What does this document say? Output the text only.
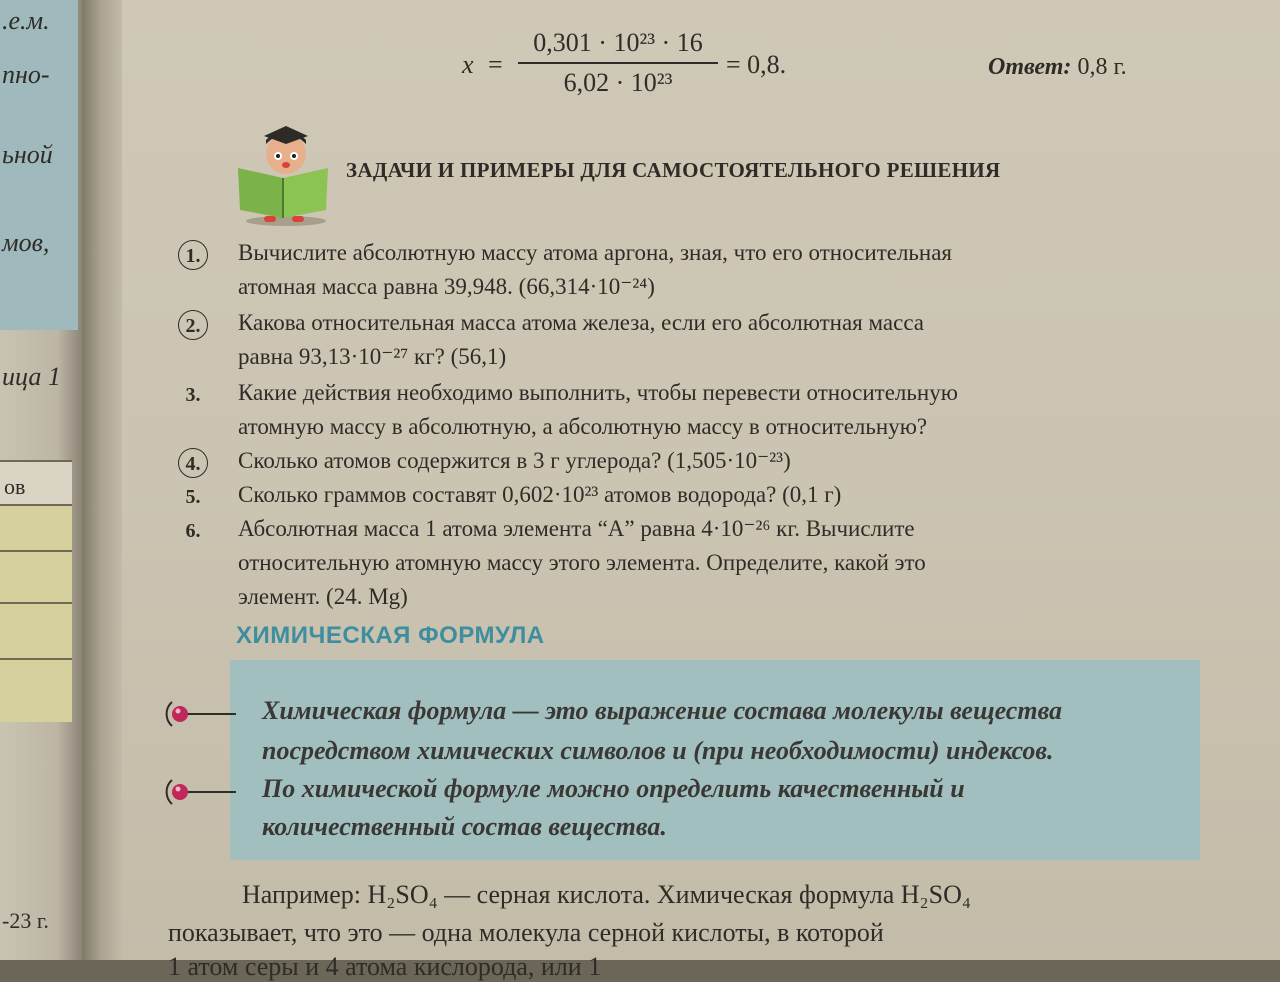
.е.м.
пно-
ьной
мов,
ица 1
ов
-23 г.
x =
0,301 · 10²³ · 16
6,02 · 10²³
= 0,8.	Ответ: 0,8 г.
ЗАДАЧИ И ПРИМЕРЫ ДЛЯ САМОСТОЯТЕЛЬНОГО РЕШЕНИЯ
1.	Вычислите абсолютную массу атома аргона, зная, что его относительная
атомная масса равна 39,948. (66,314·10⁻²⁴)
2.	Какова относительная масса атома железа, если его абсолютная масса
равна 93,13·10⁻²⁷ кг? (56,1)
3.	Какие действия необходимо выполнить, чтобы перевести относительную
атомную массу в абсолютную, а абсолютную массу в относительную?
4.	Сколько атомов содержится в 3 г углерода? (1,505·10⁻²³)
5.	Сколько граммов составят 0,602·10²³ атомов водорода? (0,1 г)
6.	Абсолютная масса 1 атома элемента “А” равна 4·10⁻²⁶ кг. Вычислите
относительную атомную массу этого элемента. Определите, какой это
элемент. (24. Mg)
ХИМИЧЕСКАЯ ФОРМУЛА
Химическая формула — это выражение состава молекулы вещества
посредством химических символов и (при необходимости) индексов.
По химической формуле можно определить качественный и
количественный состав вещества.
Например: H₂SO₄ — серная кислота. Химическая формула H₂SO₄
показывает, что это — одна молекула серной кислоты, в которой
1 атом серы и 4 атома кислорода, или 1
